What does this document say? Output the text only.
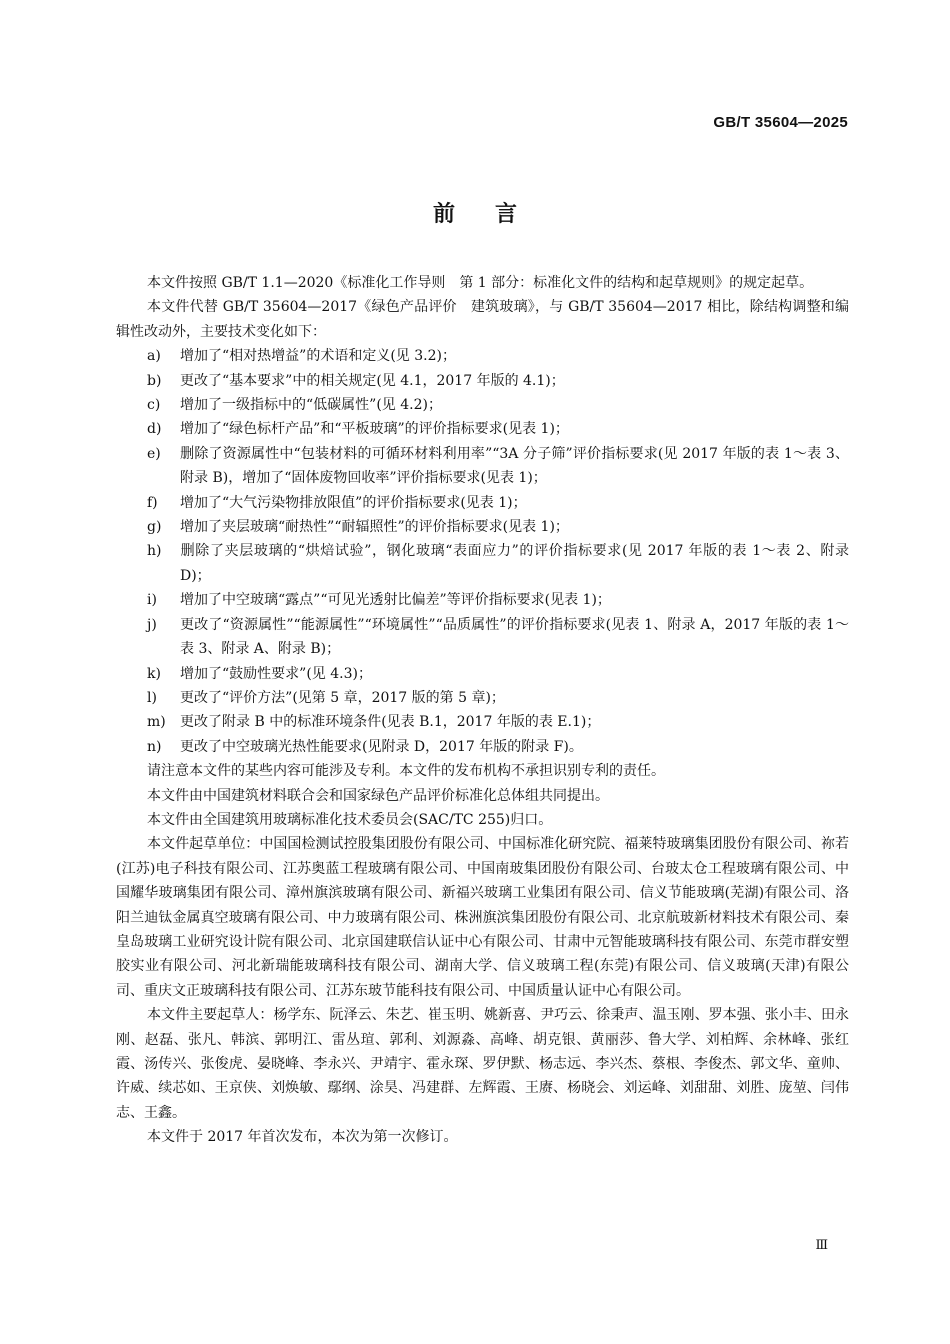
GB/T 35604—2025
前言

本文件按照 GB/T 1.1—2020《标准化工作导则　第 1 部分：标准化文件的结构和起草规则》的规定起草。

本文件代替 GB/T 35604—2017《绿色产品评价　建筑玻璃》，与 GB/T 35604—2017 相比，除结构调整和编辑性改动外，主要技术变化如下：

a) 增加了“相对热增益”的术语和定义(见 3.2)；

b) 更改了“基本要求”中的相关规定(见 4.1，2017 年版的 4.1)；

c) 增加了一级指标中的“低碳属性”(见 4.2)；

d) 增加了“绿色标杆产品”和“平板玻璃”的评价指标要求(见表 1)；

e) 删除了资源属性中“包装材料的可循环材料利用率”“3A 分子筛”评价指标要求(见 2017 年版的表 1～表 3、附录 B)，增加了“固体废物回收率”评价指标要求(见表 1)；

f) 增加了“大气污染物排放限值”的评价指标要求(见表 1)；

g) 增加了夹层玻璃“耐热性”“耐辐照性”的评价指标要求(见表 1)；

h) 删除了夹层玻璃的“烘焙试验”，钢化玻璃“表面应力”的评价指标要求(见 2017 年版的表 1～表 2、附录 D)；

i) 增加了中空玻璃“露点”“可见光透射比偏差”等评价指标要求(见表 1)；

j) 更改了“资源属性”“能源属性”“环境属性”“品质属性”的评价指标要求(见表 1、附录 A，2017 年版的表 1～表 3、附录 A、附录 B)；

k) 增加了“鼓励性要求”(见 4.3)；

l) 更改了“评价方法”(见第 5 章，2017 版的第 5 章)；

m) 更改了附录 B 中的标准环境条件(见表 B.1，2017 年版的表 E.1)；

n) 更改了中空玻璃光热性能要求(见附录 D，2017 年版的附录 F)。

请注意本文件的某些内容可能涉及专利。本文件的发布机构不承担识别专利的责任。

本文件由中国建筑材料联合会和国家绿色产品评价标准化总体组共同提出。

本文件由全国建筑用玻璃标准化技术委员会(SAC/TC 255)归口。

本文件起草单位：中国国检测试控股集团股份有限公司、中国标准化研究院、福莱特玻璃集团股份有限公司、祢若(江苏)电子科技有限公司、江苏奥蓝工程玻璃有限公司、中国南玻集团股份有限公司、台玻太仓工程玻璃有限公司、中国耀华玻璃集团有限公司、漳州旗滨玻璃有限公司、新福兴玻璃工业集团有限公司、信义节能玻璃(芜湖)有限公司、洛阳兰迪钛金属真空玻璃有限公司、中力玻璃有限公司、株洲旗滨集团股份有限公司、北京航玻新材料技术有限公司、秦皇岛玻璃工业研究设计院有限公司、北京国建联信认证中心有限公司、甘肃中元智能玻璃科技有限公司、东莞市群安塑胶实业有限公司、河北新瑞能玻璃科技有限公司、湖南大学、信义玻璃工程(东莞)有限公司、信义玻璃(天津)有限公司、重庆文正玻璃科技有限公司、江苏东玻节能科技有限公司、中国质量认证中心有限公司。

本文件主要起草人：杨学东、阮泽云、朱艺、崔玉明、姚新喜、尹巧云、徐秉声、温玉刚、罗本强、张小丰、田永刚、赵磊、张凡、韩滨、郭明江、雷丛瑄、郭利、刘源淼、高峰、胡克银、黄丽莎、鲁大学、刘柏辉、余林峰、张红霞、汤传兴、张俊虎、晏晓峰、李永兴、尹靖宇、霍永琛、罗伊默、杨志远、李兴杰、蔡根、李俊杰、郭文华、童帅、许威、续芯如、王京侠、刘焕敏、鄢纲、涂昊、冯建群、左辉霞、王赓、杨晓会、刘运峰、刘甜甜、刘胜、庞堃、闫伟志、王鑫。

本文件于 2017 年首次发布，本次为第一次修订。

Ⅲ
